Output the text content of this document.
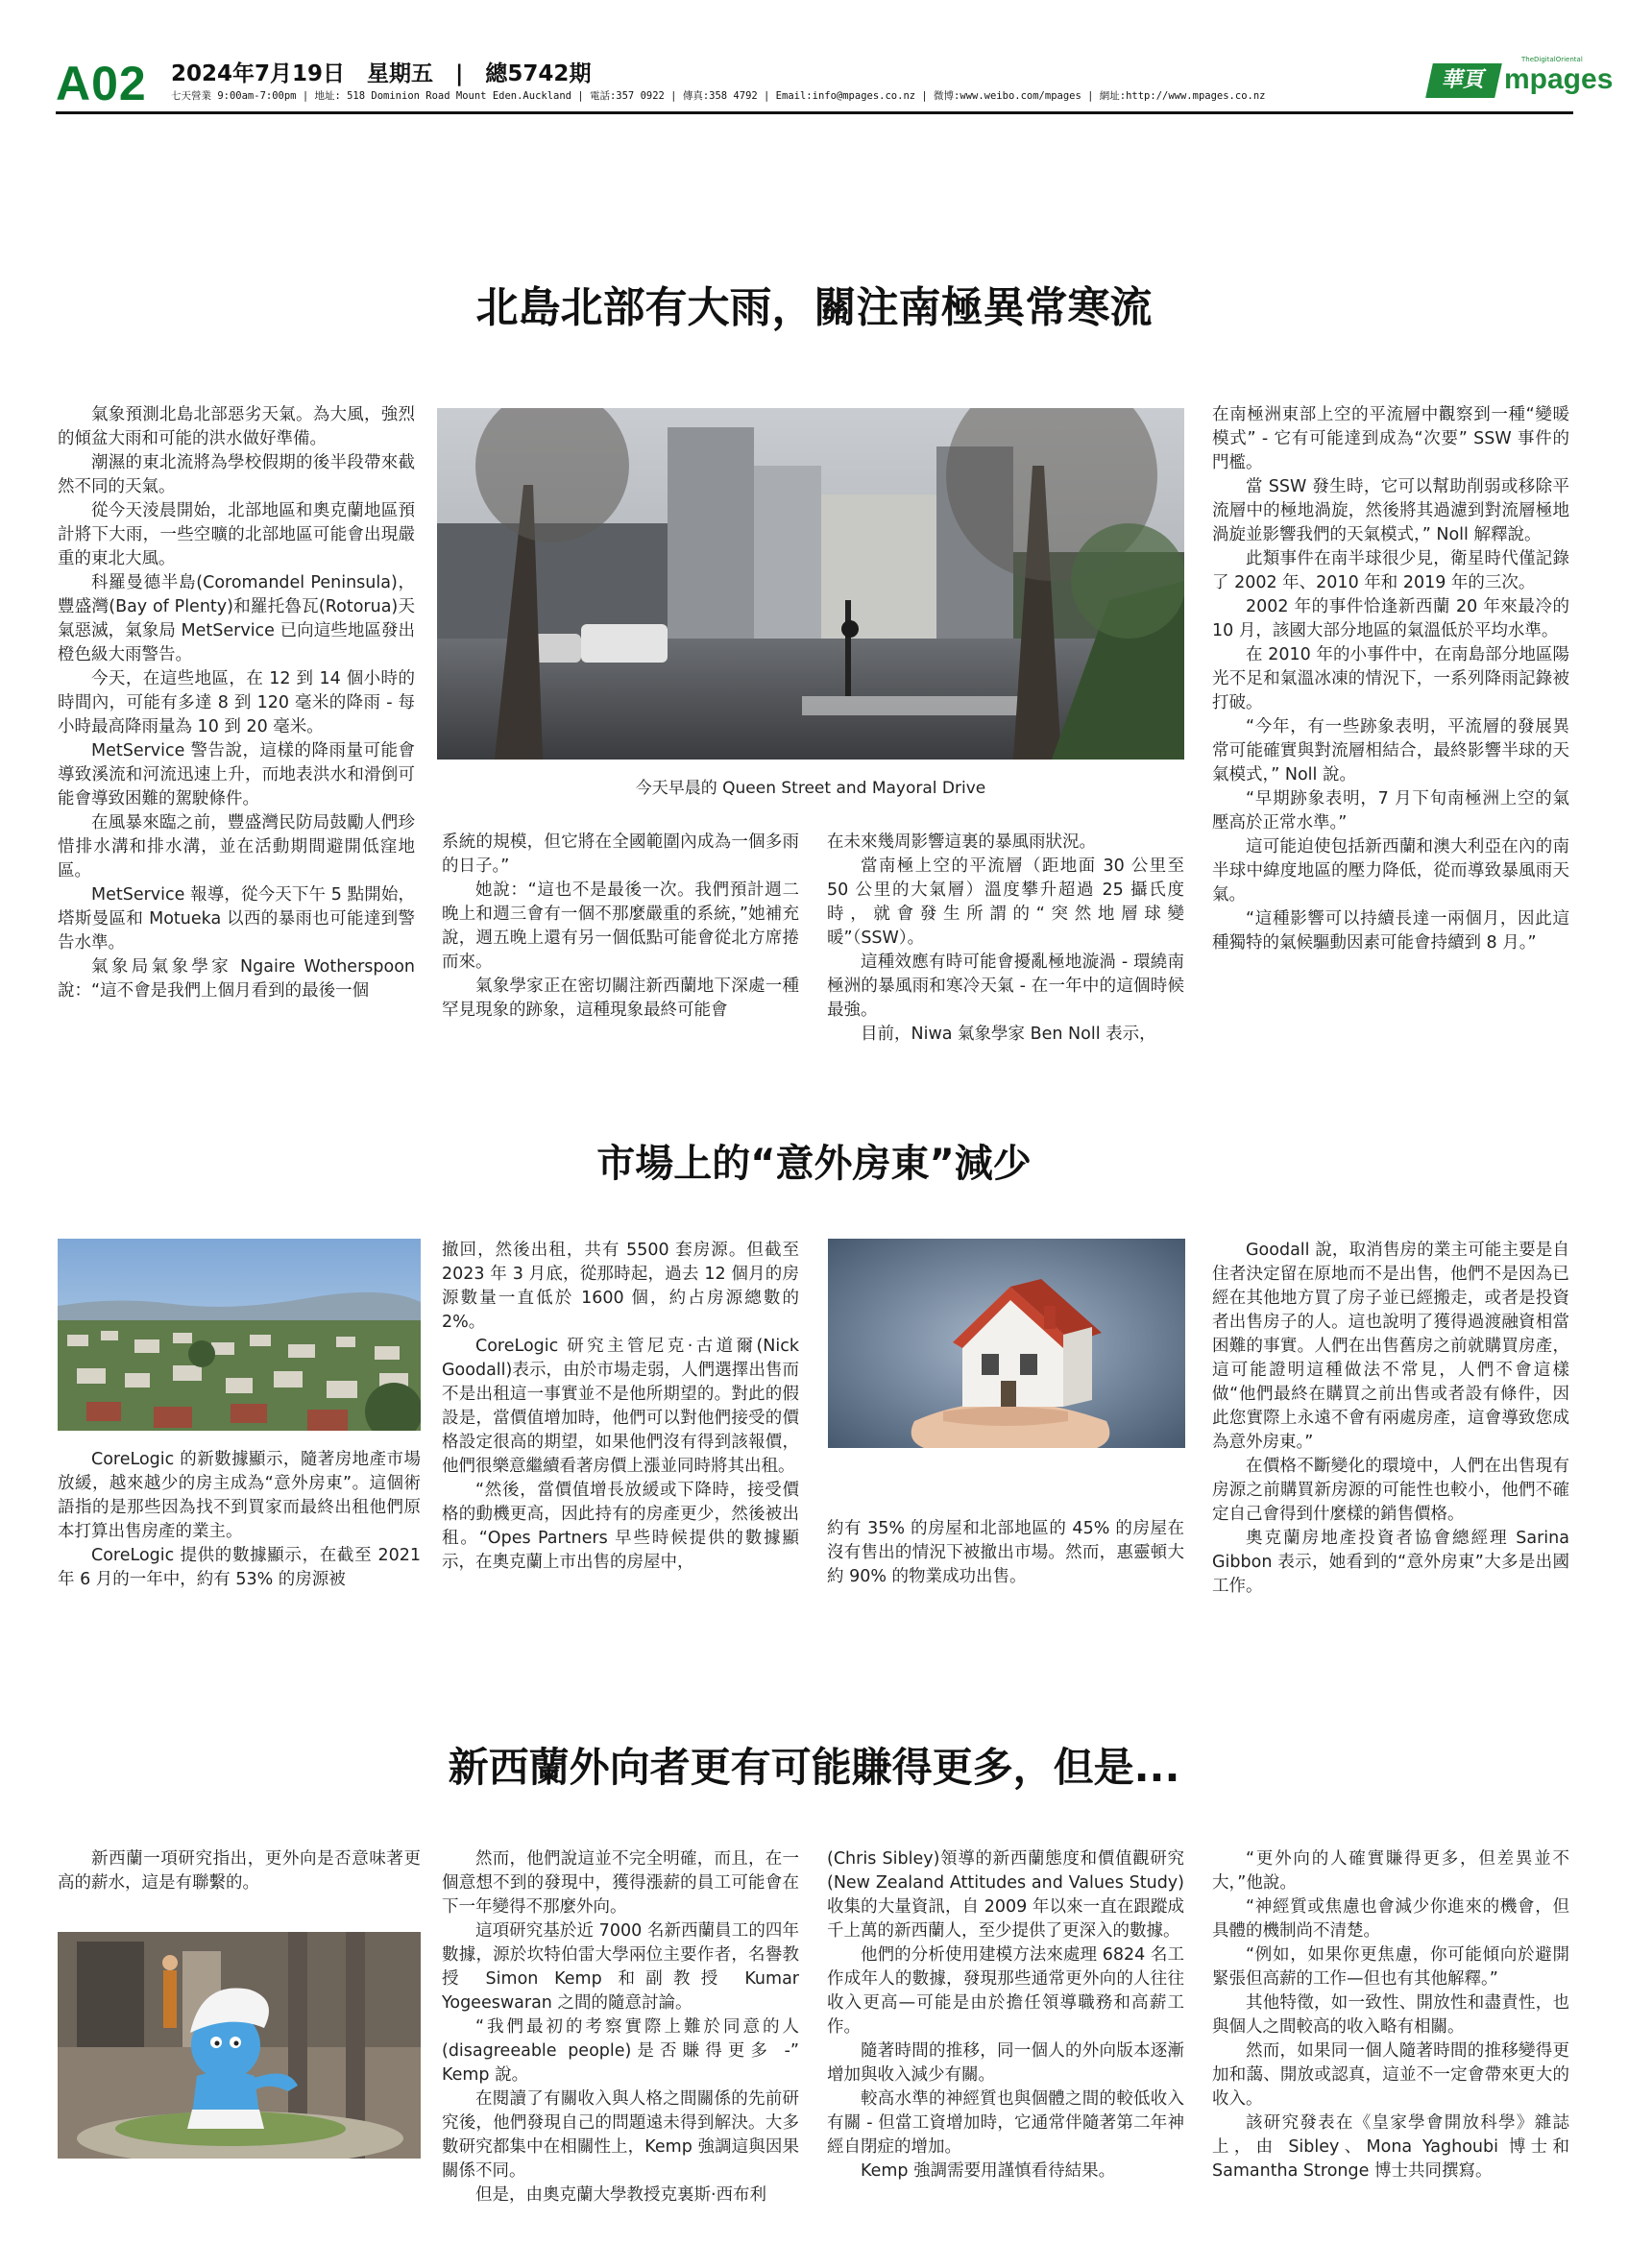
A02 2024年7月19日　星期五　|　總5742期
七天營業 9:00am-7:00pm | 地址: 518 Dominion Road Mount Eden.Auckland | 電話:357 0922 | 傳真:358 4792 | Email:info@mpages.co.nz | 微博:www.weibo.com/mpages | 網址:http://www.mpages.co.nz
華頁
TheDigitalOriental
mpages
北島北部有大雨，關注南極異常寒流

氣象預測北島北部惡劣天氣。為大風，強烈的傾盆大雨和可能的洪水做好準備。

潮濕的東北流將為學校假期的後半段帶來截然不同的天氣。

從今天淩晨開始，北部地區和奧克蘭地區預計將下大雨，一些空曠的北部地區可能會出現嚴重的東北大風。

科羅曼德半島(Coromandel Peninsula)，豐盛灣(Bay of Plenty)和羅托魯瓦(Rotorua)天氣惡滅，氣象局 MetService 已向這些地區發出橙色級大雨警告。

今天，在這些地區，在 12 到 14 個小時的時間內，可能有多達 8 到 120 毫米的降雨 - 每小時最高降雨量為 10 到 20 毫米。

MetService 警告說，這樣的降雨量可能會導致溪流和河流迅速上升，而地表洪水和滑倒可能會導致困難的駕駛條件。

在風暴來臨之前，豐盛灣民防局鼓勵人們珍惜排水溝和排水溝，並在活動期間避開低窪地區。

MetService 報導，從今天下午 5 點開始，塔斯曼區和 Motueka 以西的暴雨也可能達到警告水準。

氣象局氣象學家 Ngaire Wotherspoon 說：“這不會是我們上個月看到的最後一個

今天早晨的 Queen Street and Mayoral Drive

系統的規模，但它將在全國範圍內成為一個多雨的日子。”

她說：“這也不是最後一次。我們預計週二晚上和週三會有一個不那麼嚴重的系統，”她補充說，週五晚上還有另一個低點可能會從北方席捲而來。

氣象學家正在密切關注新西蘭地下深處一種罕見現象的跡象，這種現象最終可能會

在未來幾周影響這裏的暴風雨狀況。

當南極上空的平流層（距地面 30 公里至 50 公里的大氣層）溫度攀升超過 25 攝氏度時，就會發生所謂的“突然地層球變暖”（SSW）。

這種效應有時可能會擾亂極地漩渦 - 環繞南極洲的暴風雨和寒冷天氣 - 在一年中的這個時候最強。

目前，Niwa 氣象學家 Ben Noll 表示，

在南極洲東部上空的平流層中觀察到一種“變暖模式” - 它有可能達到成為“次要” SSW 事件的門檻。

當 SSW 發生時，它可以幫助削弱或移除平流層中的極地渦旋，然後將其過濾到對流層極地渦旋並影響我們的天氣模式，” Noll 解釋說。

此類事件在南半球很少見，衛星時代僅記錄了 2002 年、2010 年和 2019 年的三次。

2002 年的事件恰逢新西蘭 20 年來最冷的 10 月，該國大部分地區的氣溫低於平均水準。

在 2010 年的小事件中，在南島部分地區陽光不足和氣溫冰凍的情況下，一系列降雨記錄被打破。

“今年，有一些跡象表明，平流層的發展異常可能確實與對流層相結合，最終影響半球的天氣模式，” Noll 說。

“早期跡象表明，7 月下旬南極洲上空的氣壓高於正常水準。”

這可能迫使包括新西蘭和澳大利亞在內的南半球中緯度地區的壓力降低，從而導致暴風雨天氣。

“這種影響可以持續長達一兩個月，因此這種獨特的氣候驅動因素可能會持續到 8 月。”

市場上的“意外房東”減少

CoreLogic 的新數據顯示，隨著房地產市場放緩，越來越少的房主成為“意外房東”。這個術語指的是那些因為找不到買家而最終出租他們原本打算出售房產的業主。

CoreLogic 提供的數據顯示，在截至 2021 年 6 月的一年中，約有 53% 的房源被

撤回，然後出租，共有 5500 套房源。但截至 2023 年 3 月底，從那時起，過去 12 個月的房源數量一直低於 1600 個，約占房源總數的 2%。

CoreLogic 研究主管尼克·古道爾(Nick Goodall)表示，由於市場走弱，人們選擇出售而不是出租這一事實並不是他所期望的。對此的假設是，當價值增加時，他們可以對他們接受的價格設定很高的期望，如果他們沒有得到該報價，他們很樂意繼續看著房價上漲並同時將其出租。

“然後，當價值增長放緩或下降時，接受價格的動機更高，因此持有的房產更少，然後被出租。“Opes Partners 早些時候提供的數據顯示，在奧克蘭上市出售的房屋中，

約有 35% 的房屋和北部地區的 45% 的房屋在沒有售出的情況下被撤出市場。然而，惠靈頓大約 90% 的物業成功出售。

Goodall 說，取消售房的業主可能主要是自住者決定留在原地而不是出售，他們不是因為已經在其他地方買了房子並已經搬走，或者是投資者出售房子的人。這也說明了獲得過渡融資相當困難的事實。人們在出售舊房之前就購買房產，這可能證明這種做法不常見，人們不會這樣做“他們最終在購買之前出售或者設有條件，因此您實際上永遠不會有兩處房產，這會導致您成為意外房東。”

在價格不斷變化的環境中，人們在出售現有房源之前購買新房源的可能性也較小，他們不確定自己會得到什麼樣的銷售價格。

奧克蘭房地產投資者協會總經理 Sarina Gibbon 表示，她看到的“意外房東”大多是出國工作。

新西蘭外向者更有可能賺得更多，但是...

新西蘭一項研究指出，更外向是否意味著更高的薪水，這是有聯繫的。

然而，他們說這並不完全明確，而且，在一個意想不到的發現中，獲得漲薪的員工可能會在下一年變得不那麼外向。

這項研究基於近 7000 名新西蘭員工的四年數據，源於坎特伯雷大學兩位主要作者，名譽教授 Simon Kemp 和副教授 Kumar Yogeeswaran 之間的隨意討論。

“我們最初的考察實際上難於同意的人(disagreeable people)是否賺得更多 -” Kemp 說。

在閱讀了有關收入與人格之間關係的先前研究後，他們發現自己的問題遠未得到解決。大多數研究都集中在相關性上，Kemp 強調這與因果關係不同。

但是，由奧克蘭大學教授克裏斯·西布利

(Chris Sibley)領導的新西蘭態度和價值觀研究(New Zealand Attitudes and Values Study)收集的大量資訊，自 2009 年以來一直在跟蹤成千上萬的新西蘭人，至少提供了更深入的數據。

他們的分析使用建模方法來處理 6824 名工作成年人的數據，發現那些通常更外向的人往往收入更高—可能是由於擔任領導職務和高薪工作。

隨著時間的推移，同一個人的外向版本逐漸增加與收入減少有關。

較高水準的神經質也與個體之間的較低收入有關 - 但當工資增加時，它通常伴隨著第二年神經自閉症的增加。

Kemp 強調需要用謹慎看待結果。

“更外向的人確實賺得更多，但差異並不大，”他說。

“神經質或焦慮也會減少你進來的機會，但具體的機制尚不清楚。

“例如，如果你更焦慮，你可能傾向於避開緊張但高薪的工作—但也有其他解釋。”

其他特徵，如一致性、開放性和盡責性，也與個人之間較高的收入略有相關。

然而，如果同一個人隨著時間的推移變得更加和藹、開放或認真，這並不一定會帶來更大的收入。

該研究發表在《皇家學會開放科學》雜誌上，由 Sibley、Mona Yaghoubi 博士和 Samantha Stronge 博士共同撰寫。
